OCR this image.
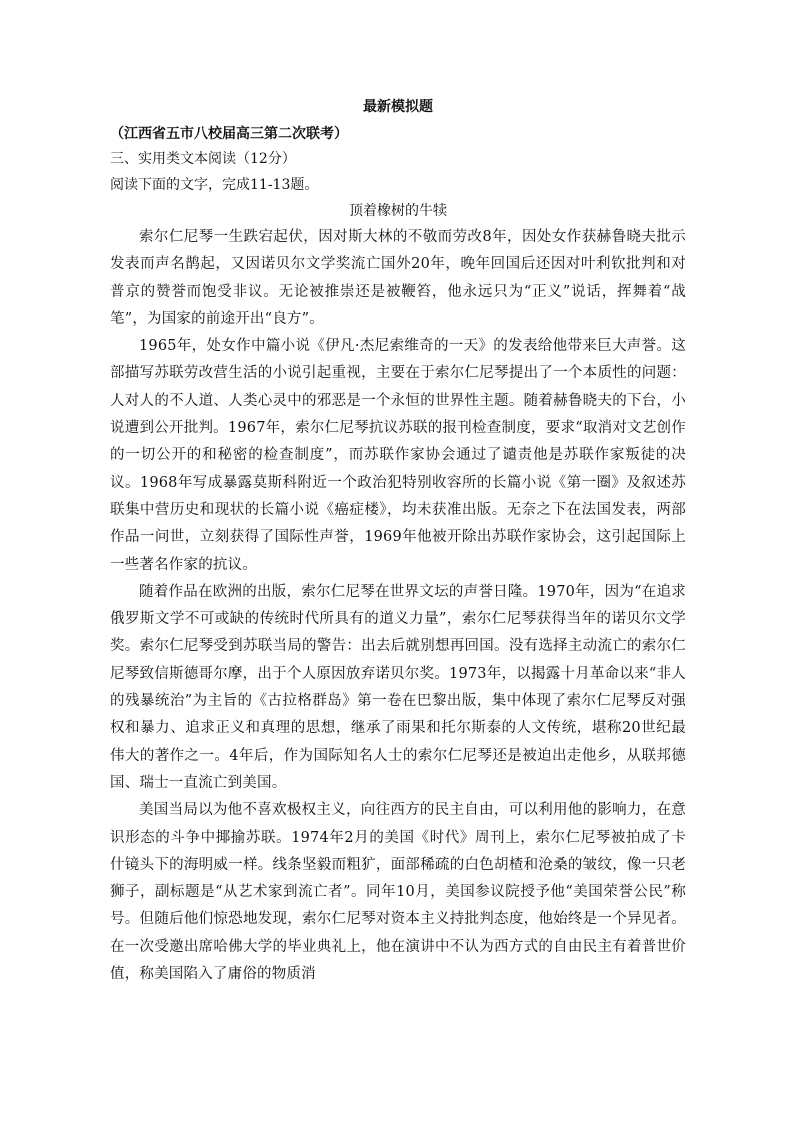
最新模拟题

（江西省五市八校届高三第二次联考）

三、实用类文本阅读（12分）

阅读下面的文字，完成11-13题。

顶着橡树的牛犊

索尔仁尼琴一生跌宕起伏，因对斯大林的不敬而劳改8年，因处女作获赫鲁晓夫批示发表而声名鹊起，又因诺贝尔文学奖流亡国外20年，晚年回国后还因对叶利钦批判和对普京的赞誉而饱受非议。无论被推崇还是被鞭笞，他永远只为“正义”说话，挥舞着“战笔”，为国家的前途开出“良方”。

1965年，处女作中篇小说《伊凡·杰尼索维奇的一天》的发表给他带来巨大声誉。这部描写苏联劳改营生活的小说引起重视，主要在于索尔仁尼琴提出了一个本质性的问题：人对人的不人道、人类心灵中的邪恶是一个永恒的世界性主题。随着赫鲁晓夫的下台，小说遭到公开批判。1967年，索尔仁尼琴抗议苏联的报刊检查制度，要求“取消对文艺创作的一切公开的和秘密的检查制度”，而苏联作家协会通过了谴责他是苏联作家叛徒的决议。1968年写成暴露莫斯科附近一个政治犯特别收容所的长篇小说《第一圈》及叙述苏联集中营历史和现状的长篇小说《癌症楼》，均未获准出版。无奈之下在法国发表，两部作品一问世，立刻获得了国际性声誉，1969年他被开除出苏联作家协会，这引起国际上一些著名作家的抗议。

随着作品在欧洲的出版，索尔仁尼琴在世界文坛的声誉日隆。1970年，因为“在追求俄罗斯文学不可或缺的传统时代所具有的道义力量”，索尔仁尼琴获得当年的诺贝尔文学奖。索尔仁尼琴受到苏联当局的警告：出去后就别想再回国。没有选择主动流亡的索尔仁尼琴致信斯德哥尔摩，出于个人原因放弃诺贝尔奖。1973年，以揭露十月革命以来“非人的残暴统治”为主旨的《古拉格群岛》第一卷在巴黎出版，集中体现了索尔仁尼琴反对强权和暴力、追求正义和真理的思想，继承了雨果和托尔斯泰的人文传统，堪称20世纪最伟大的著作之一。4年后，作为国际知名人士的索尔仁尼琴还是被迫出走他乡，从联邦德国、瑞士一直流亡到美国。

美国当局以为他不喜欢极权主义，向往西方的民主自由，可以利用他的影响力，在意识形态的斗争中揶揄苏联。1974年2月的美国《时代》周刊上，索尔仁尼琴被拍成了卡什镜头下的海明威一样。线条坚毅而粗犷，面部稀疏的白色胡楂和沧桑的皱纹，像一只老狮子，副标题是“从艺术家到流亡者”。同年10月，美国参议院授予他“美国荣誉公民”称号。但随后他们惊恐地发现，索尔仁尼琴对资本主义持批判态度，他始终是一个异见者。在一次受邀出席哈佛大学的毕业典礼上，他在演讲中不认为西方式的自由民主有着普世价值，称美国陷入了庸俗的物质消
